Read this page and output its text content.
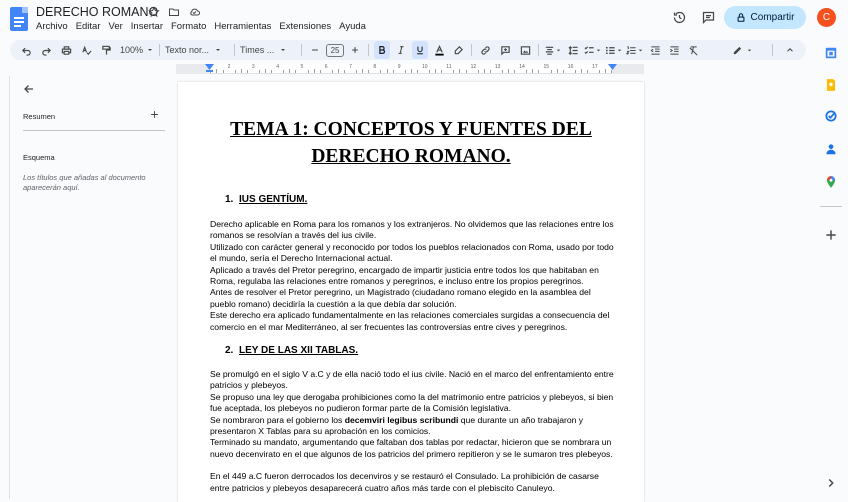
DERECHO ROMANO
Archivo Editar Ver Insertar Formato Herramientas Extensiones Ayuda
Compartir	C
100% Texto nor...	Times ...	25
2	3	4	5	6	7	8	9	10	11	12	13	14	15	16	17
Resumen
Esquema
Los títulos que añadas al documento aparecerán aquí.
TEMA 1: CONCEPTOS Y FUENTES DEL
DERECHO ROMANO.
1. IUS GENTÍUM.
Derecho aplicable en Roma para los romanos y los extranjeros. No olvidemos que las relaciones entre los romanos se resolvían a través del ius civile.
Utilizado con carácter general y reconocido por todos los pueblos relacionados con Roma, usado por todo el mundo, sería el Derecho Internacional actual.
Aplicado a través del Pretor peregrino, encargado de impartir justicia entre todos los que habitaban en Roma, regulaba las relaciones entre romanos y peregrinos, e incluso entre los propios peregrinos.
Antes de resolver el Pretor peregrino, un Magistrado (ciudadano romano elegido en la asamblea del pueblo romano) decidiría la cuestión a la que debía dar solución.
Este derecho era aplicado fundamentalmente en las relaciones comerciales surgidas a consecuencia del comercio en el mar Mediterráneo, al ser frecuentes las controversias entre cives y peregrinos.
2. LEY DE LAS XII TABLAS.
Se promulgó en el siglo V a.C y de ella nació todo el ius civile. Nació en el marco del enfrentamiento entre patricios y plebeyos.
Se propuso una ley que derogaba prohibiciones como la del matrimonio entre patricios y plebeyos, si bien fue aceptada, los plebeyos no pudieron formar parte de la Comisión legislativa.
Se nombraron para el gobierno los decemviri legibus scribundi que durante un año trabajaron y presentaron X Tablas para su aprobación en los comicios.
Terminado su mandato, argumentando que faltaban dos tablas por redactar, hicieron que se nombrara un nuevo decenvirato en el que algunos de los patricios del primero repitieron y se le sumaron tres plebeyos.
En el 449 a.C fueron derrocados los decenviros y se restauró el Consulado. La prohibición de casarse entre patricios y plebeyos desaparecerá cuatro años más tarde con el plebiscito Canuleyo.
